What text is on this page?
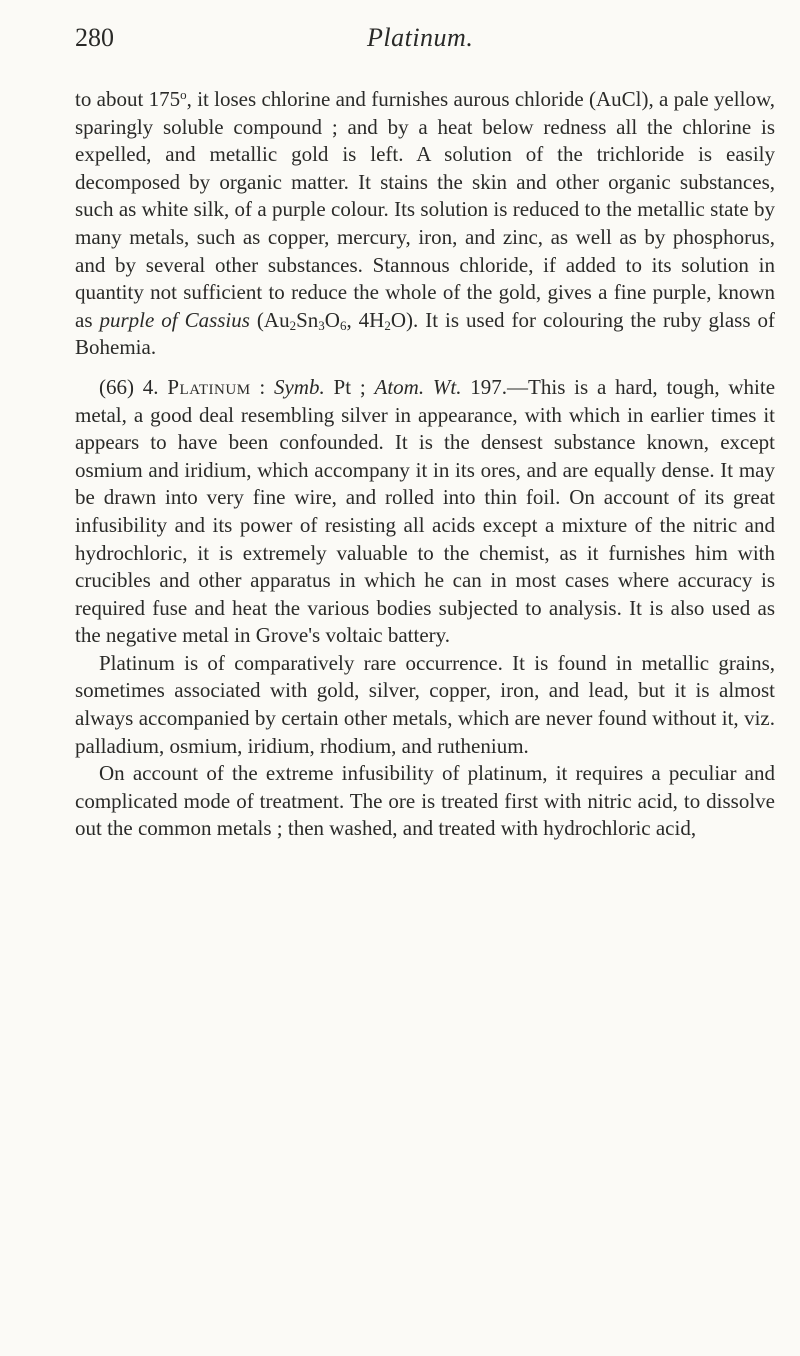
280	Platinum.

to about 175$^o$, it loses chlorine and furnishes aurous chloride (AuCl), a pale yellow, sparingly soluble compound ; and by a heat below redness all the chlorine is expelled, and metallic gold is left. A solution of the trichloride is easily decomposed by organic matter. It stains the skin and other organic substances, such as white silk, of a purple colour. Its solution is reduced to the metallic state by many metals, such as copper, mercury, iron, and zinc, as well as by phosphorus, and by several other substances. Stannous chloride, if added to its solution in quantity not sufficient to reduce the whole of the gold, gives a fine purple, known as purple of Cassius ($Au_2Sn_3O_6$, $4H_2O$). It is used for colouring the ruby glass of Bohemia.

(66) 4. Platinum : Symb. Pt ; Atom. Wt. 197.—This is a hard, tough, white metal, a good deal resembling silver in appearance, with which in earlier times it appears to have been confounded. It is the densest substance known, except osmium and iridium, which accompany it in its ores, and are equally dense. It may be drawn into very fine wire, and rolled into thin foil. On account of its great infusibility and its power of resisting all acids except a mixture of the nitric and hydrochloric, it is extremely valuable to the chemist, as it furnishes him with crucibles and other apparatus in which he can in most cases where accuracy is required fuse and heat the various bodies subjected to analysis. It is also used as the negative metal in Grove's voltaic battery.

Platinum is of comparatively rare occurrence. It is found in metallic grains, sometimes associated with gold, silver, copper, iron, and lead, but it is almost always accompanied by certain other metals, which are never found without it, viz. palladium, osmium, iridium, rhodium, and ruthenium.

On account of the extreme infusibility of platinum, it requires a peculiar and complicated mode of treatment. The ore is treated first with nitric acid, to dissolve out the common metals ; then washed, and treated with hydrochloric acid,
